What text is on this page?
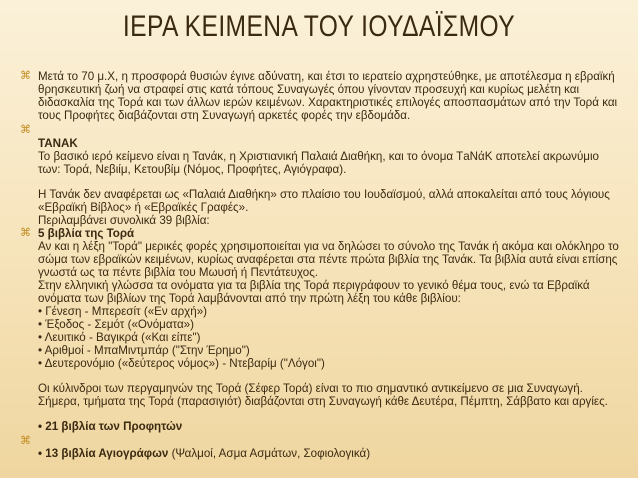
ΙΕΡΑ ΚΕΙΜΕΝΑ ΤΟΥ ΙΟΥΔΑΪΣΜΟΥ
⌘ Μετά το 70 μ.Χ, η προσφορά θυσιών έγινε αδύνατη, και έτσι το ιερατείο αχρηστεύθηκε, με αποτέλεσμα η εβραϊκή θρησκευτική ζωή να στραφεί στις κατά τόπους Συναγωγές όπου γίνονταν προσευχή και κυρίως μελέτη και διδασκαλία της Τορά και των άλλων ιερών κειμένων. Χαρακτηριστικές επιλογές αποσπασμάτων από την Τορά και τους Προφήτες διαβάζονται στη Συναγωγή αρκετές φορές την εβδομάδα.

⌘

TANAK

Το βασικό ιερό κείμενο είναι η Τανάκ, η Χριστιανική Παλαιά Διαθήκη, και το όνομα ΤaΝάΚ αποτελεί ακρωνύμιο των: Τορά, Νεβιίμ, Κετουβίμ (Νόμος, Προφήτες, Αγιόγραφα).

Η Τανάκ δεν αναφέρεται ως «Παλαιά Διαθήκη» στο πλαίσιο του Ιουδαϊσμού, αλλά αποκαλείται από τους λόγιους «Εβραϊκή Βίβλος» ή «Εβραϊκές Γραφές».

Περιλαμβάνει συνολικά 39 βιβλία:

⌘ 5 βιβλία της Τορά

Αν και η λέξη "Τορά" μερικές φορές χρησιμοποιείται για να δηλώσει το σύνολο της Τανάκ ή ακόμα και ολόκληρο το σώμα των εβραϊκών κειμένων, κυρίως αναφέρεται στα πέντε πρώτα βιβλία της Τανάκ. Τα βιβλία αυτά είναι επίσης γνωστά ως τα πέντε βιβλία του Μωυσή ή Πεντάτευχος.

Στην ελληνική γλώσσα τα ονόματα για τα βιβλία της Τορά περιγράφουν το γενικό θέμα τους, ενώ τα Εβραϊκά ονόματα των βιβλίων της Τορά λαμβάνονται από την πρώτη λέξη του κάθε βιβλίου:

• Γένεση - Μπερεσίτ («Εν αρχή»)

• Έξοδος - Σεμότ («Ονόματα»)

• Λευιτικό - Βαγικρά («Και είπε")

• Αριθμοί - ΜπαΜιντμπάρ ("Στην Έρημο")

• Δευτερονόμιο («δεύτερος νόμος») - Ντεβαρίμ ("Λόγοι")

Οι κύλινδροι των περγαμηνών της Τορά (Σέφερ Τορά) είναι το πιο σημαντικό αντικείμενο σε μια Συναγωγή. Σήμερα, τμήματα της Τορά (παρασιγιότ) διαβάζονται στη Συναγωγή κάθε Δευτέρα, Πέμπτη, Σάββατο και αργίες.

• 21 βιβλία των Προφητών

⌘

• 13 βιβλία Αγιογράφων (Ψαλμοί, Ασμα Ασμάτων, Σοφιολογικά)
